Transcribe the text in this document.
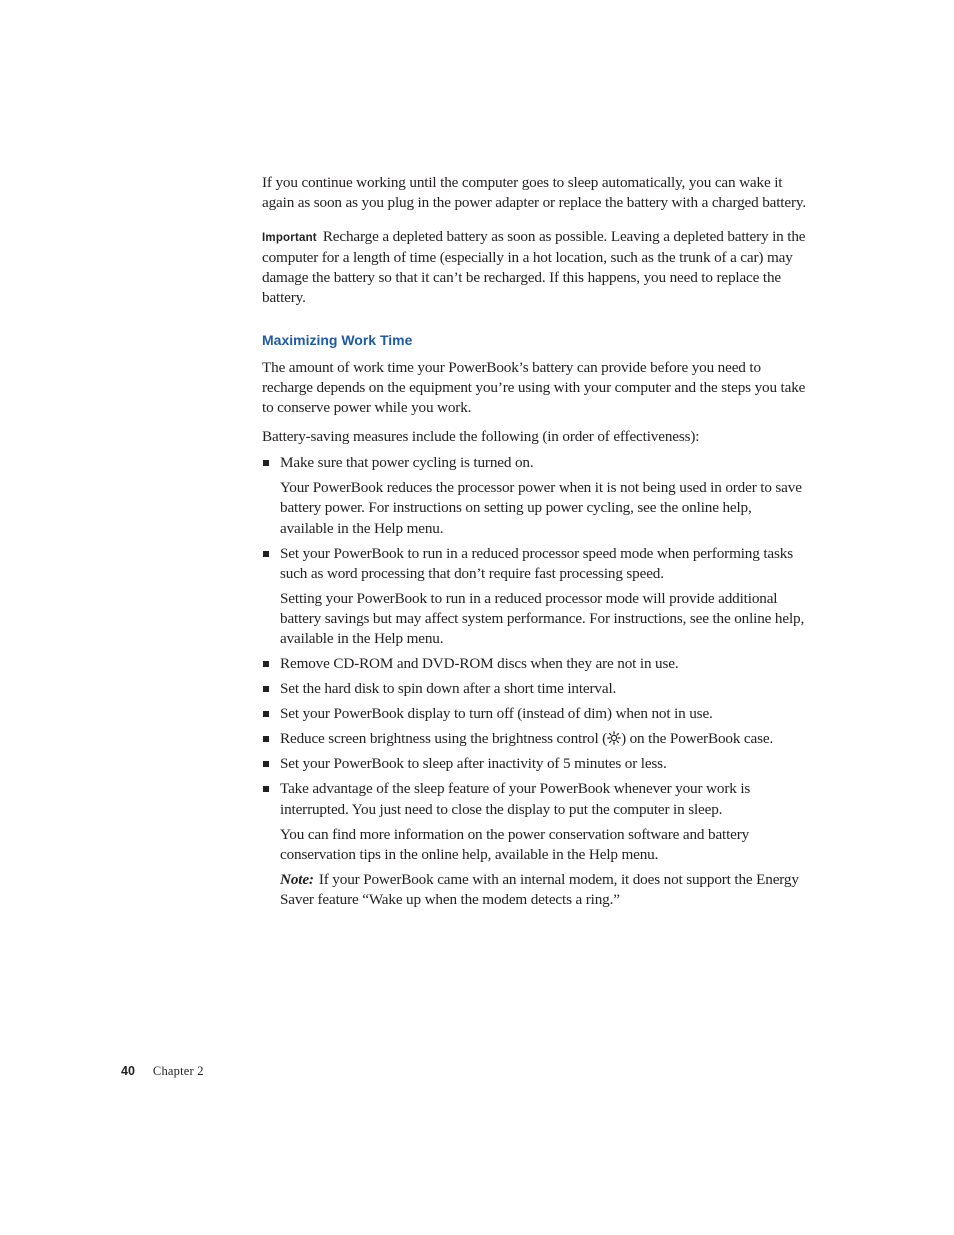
If you continue working until the computer goes to sleep automatically, you can wake it again as soon as you plug in the power adapter or replace the battery with a charged battery.

Important Recharge a depleted battery as soon as possible. Leaving a depleted battery in the computer for a length of time (especially in a hot location, such as the trunk of a car) may damage the battery so that it can’t be recharged. If this happens, you need to replace the battery.

Maximizing Work Time

The amount of work time your PowerBook’s battery can provide before you need to recharge depends on the equipment you’re using with your computer and the steps you take to conserve power while you work.

Battery-saving measures include the following (in order of effectiveness):

Make sure that power cycling is turned on.

Your PowerBook reduces the processor power when it is not being used in order to save battery power. For instructions on setting up power cycling, see the online help, available in the Help menu.

Set your PowerBook to run in a reduced processor speed mode when performing tasks such as word processing that don’t require fast processing speed.

Setting your PowerBook to run in a reduced processor mode will provide additional battery savings but may affect system performance. For instructions, see the online help, available in the Help menu.

Remove CD-ROM and DVD-ROM discs when they are not in use.
Set the hard disk to spin down after a short time interval.
Set your PowerBook display to turn off (instead of dim) when not in use.
Reduce screen brightness using the brightness control ( ) on the PowerBook case.
Set your PowerBook to sleep after inactivity of 5 minutes or less.
Take advantage of the sleep feature of your PowerBook whenever your work is interrupted. You just need to close the display to put the computer in sleep.

You can find more information on the power conservation software and battery conservation tips in the online help, available in the Help menu.

Note: If your PowerBook came with an internal modem, it does not support the Energy Saver feature “Wake up when the modem detects a ring.”

40 Chapter 2
